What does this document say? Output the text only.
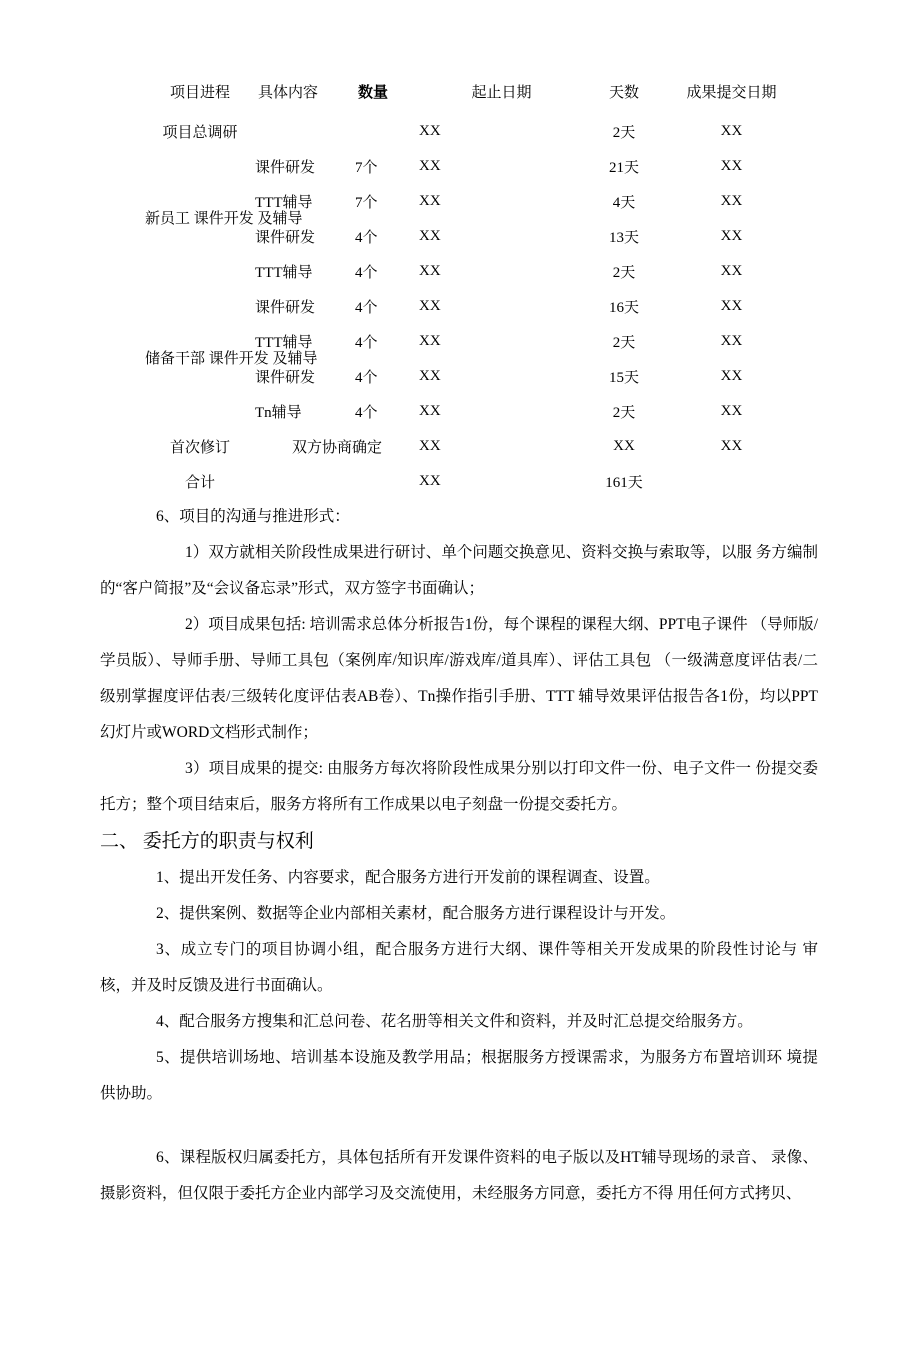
项目进程	具体内容	数量	起止日期	天数	成果提交日期
项目总调研			XX	2天	XX
新员工 课件开发 及辅导	课件研发	7个	XX	21天	XX
	TTT辅导	7个	XX	4天	XX
	课件研发	4个	XX	13天	XX
	TTT辅导	4个	XX	2天	XX
储备干部 课件开发 及辅导	课件研发	4个	XX	16天	XX
	TTT辅导	4个	XX	2天	XX
	课件研发	4个	XX	15天	XX
	Tn辅导	4个	XX	2天	XX
首次修订	双方协商确定		XX	XX	XX
合计			XX	161天	

6、项目的沟通与推进形式：

1）双方就相关阶段性成果进行研讨、单个问题交换意见、资料交换与索取等，以服 务方编制的“客户简报”及“会议备忘录”形式，双方签字书面确认；

2）项目成果包括: 培训需求总体分析报告1份，每个课程的课程大纲、PPT电子课件 （导师版/学员版）、导师手册、导师工具包（案例库/知识库/游戏库/道具库）、评估工具包 （一级满意度评估表/二级别掌握度评估表/三级转化度评估表AB卷）、Tn操作指引手册、TTT 辅导效果评估报告各1份，均以PPT幻灯片或WORD文档形式制作；

3）项目成果的提交: 由服务方每次将阶段性成果分别以打印文件一份、电子文件一 份提交委托方；整个项目结束后，服务方将所有工作成果以电子刻盘一份提交委托方。

二、 委托方的职责与权利

1、提出开发任务、内容要求，配合服务方进行开发前的课程调查、设置。

2、提供案例、数据等企业内部相关素材，配合服务方进行课程设计与开发。

3、成立专门的项目协调小组，配合服务方进行大纲、课件等相关开发成果的阶段性讨论与 审核，并及时反馈及进行书面确认。

4、配合服务方搜集和汇总问卷、花名册等相关文件和资料，并及时汇总提交给服务方。

5、提供培训场地、培训基本设施及教学用品；根据服务方授课需求，为服务方布置培训环 境提供协助。

6、课程版权归属委托方，具体包括所有开发课件资料的电子版以及HT辅导现场的录音、 录像、摄影资料，但仅限于委托方企业内部学习及交流使用，未经服务方同意，委托方不得 用任何方式拷贝、
